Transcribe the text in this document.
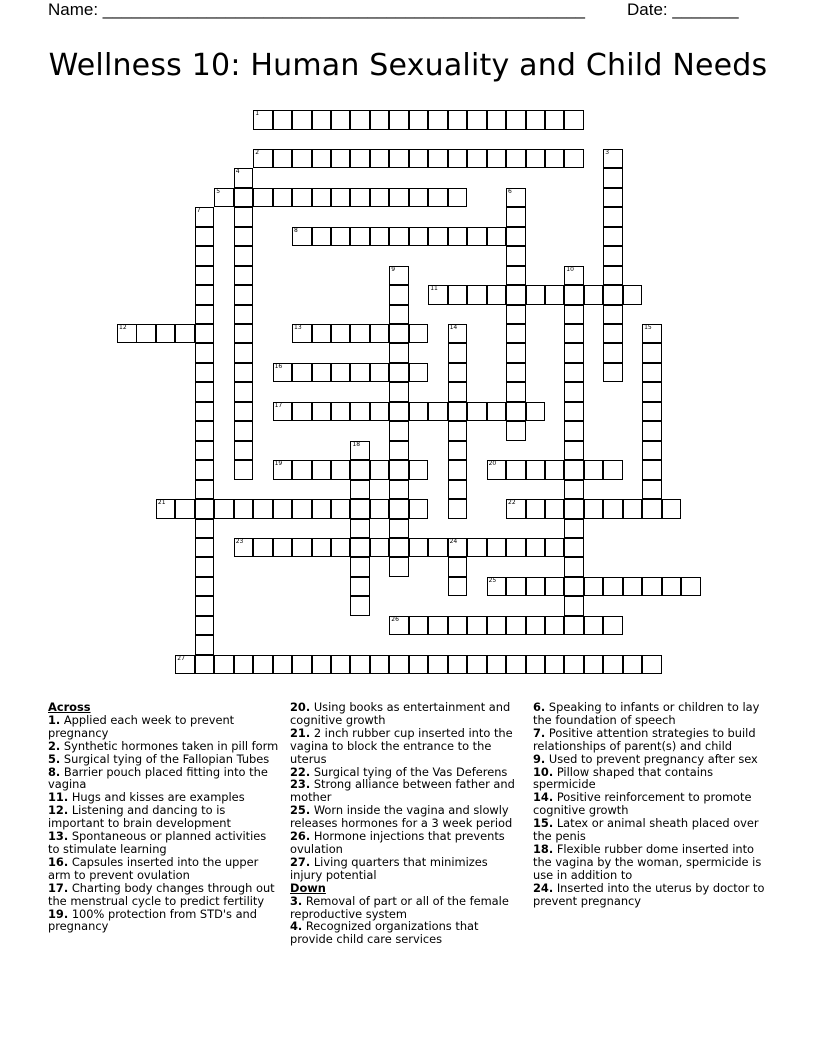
Name: ___________________________________________________ Date: _______
Wellness 10: Human Sexuality and Child Needs
1
2
5
8
11
12	13
16
17
19	20
21	22
23	24
25
26
27
3
4
6
7
9	10
14	15
18
Across
1. Applied each week to prevent pregnancy
2. Synthetic hormones taken in pill form
5. Surgical tying of the Fallopian Tubes
8. Barrier pouch placed fitting into the vagina
11. Hugs and kisses are examples
12. Listening and dancing to is important to brain development
13. Spontaneous or planned activities to stimulate learning
16. Capsules inserted into the upper arm to prevent ovulation
17. Charting body changes through out the menstrual cycle to predict fertility
19. 100% protection from STD's and pregnancy
20. Using books as entertainment and cognitive growth
21. 2 inch rubber cup inserted into the vagina to block the entrance to the uterus
22. Surgical tying of the Vas Deferens
23. Strong alliance between father and mother
25. Worn inside the vagina and slowly releases hormones for a 3 week period
26. Hormone injections that prevents ovulation
27. Living quarters that minimizes injury potential
Down
3. Removal of part or all of the female reproductive system
4. Recognized organizations that provide child care services
6. Speaking to infants or children to lay the foundation of speech
7. Positive attention strategies to build relationships of parent(s) and child
9. Used to prevent pregnancy after sex
10. Pillow shaped that contains spermicide
14. Positive reinforcement to promote cognitive growth
15. Latex or animal sheath placed over the penis
18. Flexible rubber dome inserted into the vagina by the woman, spermicide is use in addition to
24. Inserted into the uterus by doctor to prevent pregnancy
